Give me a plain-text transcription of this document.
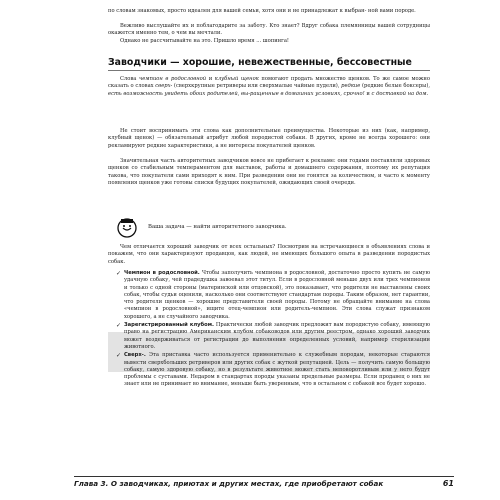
по словам знакомых, просто идеален для вашей семьи, хотя они и не принадлежат к выбран- ной вами породе.

Вежливо выслушайте их и поблагодарите за заботу. Кто знает? Вдруг собака племянницы вашей сотрудницы окажется именно тем, о чем вы мечтали.

Однако не рассчитывайте на это. Пришло время ... шопинга!

Заводчики — хорошие, невежественные, бессовестные

Слова чемпион в родословной и клубный щенок помогают продать множество щенков. То же самое можно сказать о словах сверх- (сверхкрупные ретриверы или сверхмалые чайные пудели), редкие (редкие белые боксеры), есть возможность увидеть обоих родителей, вы-ращенные в домашних условиях, срочно! и с доставкой на дом.

Не стоит воспринимать эти слова как дополнительные преимущества. Некоторые из них (как, например, клубный щенок) — обязательный атрибут любой породистой собаки. В других, кроме не всегда хорошего: они рекламируют редкие характеристики, а не интересы покупателей щенков.

Значительная часть авторитетных заводчиков вовсе не прибегает к рекламе: они годами поставляли здоровых щенков со стабильным темпераментом для выставок, работы и домашнего содержания, поэтому их репутация такова, что покупатели сами приходят к ним. При разведении они не гонятся за количеством, и часто к моменту появления щенков уже готовы списки будущих покупателей, ожидающих своей очереди.

Ваша задача — найти авторитетного заводчика.

Чем отличается хороший заводчик от всех остальных? Посмотрим на встречающиеся в объявлениях слова и покажем, что они характеризуют продавцов, как людей, не имеющих большого опыта в разведении породистых собак.

✓ Чемпион в родословной. Чтобы заполучить чемпиона в родословной, достаточно просто купить не самую удачную собаку, чей прадедушка завоевал этот титул. Если в родословной меньше двух или трех чемпионов и только с одной стороны (материнской или отцовской), это показывает, что родители не выставлены своих собак, чтобы судьи оценили, насколько они соответствуют стандартам породы. Таким образом, нет гарантии, что родители щенков — хорошие представители своей породы. Потому не обращайте внимание на слова «чемпион в родословной», ищите отец-чемпион или родитель-чемпион. Эти слова служат признаком хорошего, а не случайного заводчика.

✓ Зарегистрированный клубом. Практически любой заводчик предложит вам породистую собаку, имеющую право на регистрацию Американским клубом собаководов или другим реестром, однако хороший заводчик может воздерживаться от регистрации до выполнения определенных условий, например стерилизации животного.

✓ Сверх-. Эта приставка часто используется применительно к служебным породам, некоторые стараются вывести сверхбольших ретриверов или других собак с жуткой репутацией. Цель — получить самую большую собаку, самую здоровую собаку, но в результате животное может стать неповоротливым или у него будут проблемы с суставами. Недаром в стандартах породы указаны предельные размеры. Если продавец о них не знает или не принимает во внимание, меньше быть уверенным, что в остальном с собакой все будет хорошо.

Глава 3. О заводчиках, приютах и других местах, где приобретают собак	61
